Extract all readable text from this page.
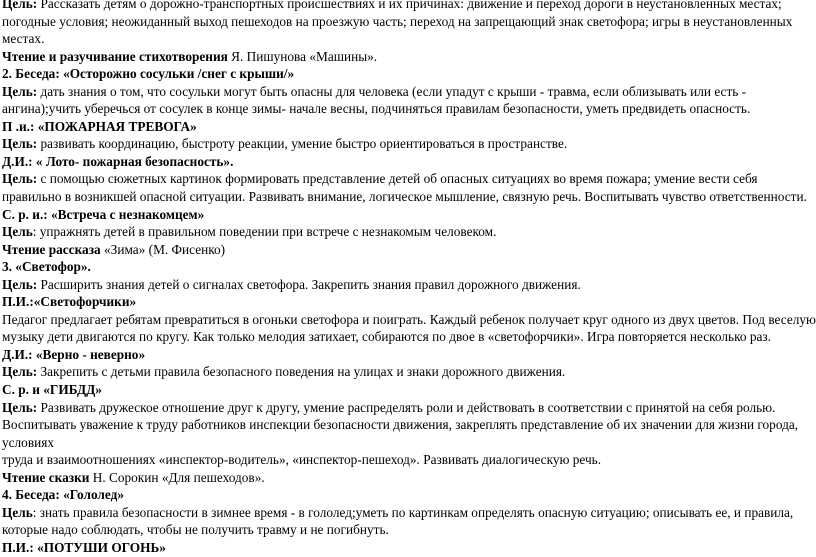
Цель: Рассказать детям о дорожно-транспортных происшествиях и их причинах: движение и переход дороги в неустановленных местах;
погодные условия; неожиданный выход пешеходов на проезжую часть; переход на запрещающий знак светофора; игры в неустановленных
местах.
Чтение и разучивание стихотворения Я. Пишунова «Машины».
2. Беседа: «Осторожно сосульки /снег с крыши/»
Цель: дать знания о том, что сосульки могут быть опасны для человека (если упадут с крыши - травма, если облизывать или есть -
ангина);учить уберечься от сосулек в конце зимы- начале весны, подчиняться правилам безопасности, уметь предвидеть опасность.
П .и.: «ПОЖАРНАЯ ТРЕВОГА»
Цель: развивать координацию, быстроту реакции, умение быстро ориентироваться в пространстве.
Д.И.: « Лото- пожарная безопасность».
Цель: с помощью сюжетных картинок формировать представление детей об опасных ситуациях во время пожара; умение вести себя
правильно в возникшей опасной ситуации. Развивать внимание, логическое мышление, связную речь. Воспитывать чувство ответственности.
С. р. и.: «Встреча с незнакомцем»
Цель: упражнять детей в правильном поведении при встрече с незнакомым человеком.
Чтение рассказа «Зима» (М. Фисенко)
3. «Светофор».
Цель: Расширить знания детей о сигналах светофора. Закрепить знания правил дорожного движения.
П.И.:«Светофорчики»
Педагог предлагает ребятам превратиться в огоньки светофора и поиграть. Каждый ребенок получает круг одного из двух цветов. Под веселую
музыку дети двигаются по кругу. Как только мелодия затихает, собираются по двое в «светофорчики». Игра повторяется несколько раз.
Д.И.: «Верно - неверно»
Цель: Закрепить с детьми правила безопасного поведения на улицах и знаки дорожного движения.
С. р. и «ГИБДД»
Цель: Развивать дружеское отношение друг к другу, умение распределять роли и действовать в соответствии с принятой на себя ролью.
Воспитывать уважение к труду работников инспекции безопасности движения, закреплять представление об их значении для жизни города,
условиях
труда и взаимоотношениях «инспектор-водитель», «инспектор-пешеход». Развивать диалогическую речь.
Чтение сказки Н. Сорокин «Для пешеходов».
4. Беседа: «Гололед»
Цель: знать правила безопасности в зимнее время - в гололед;уметь по картинкам определять опасную ситуацию; описывать ее, и правила,
которые надо соблюдать, чтобы не получить травму и не погибнуть.
П.И.: «ПОТУШИ ОГОНЬ»
